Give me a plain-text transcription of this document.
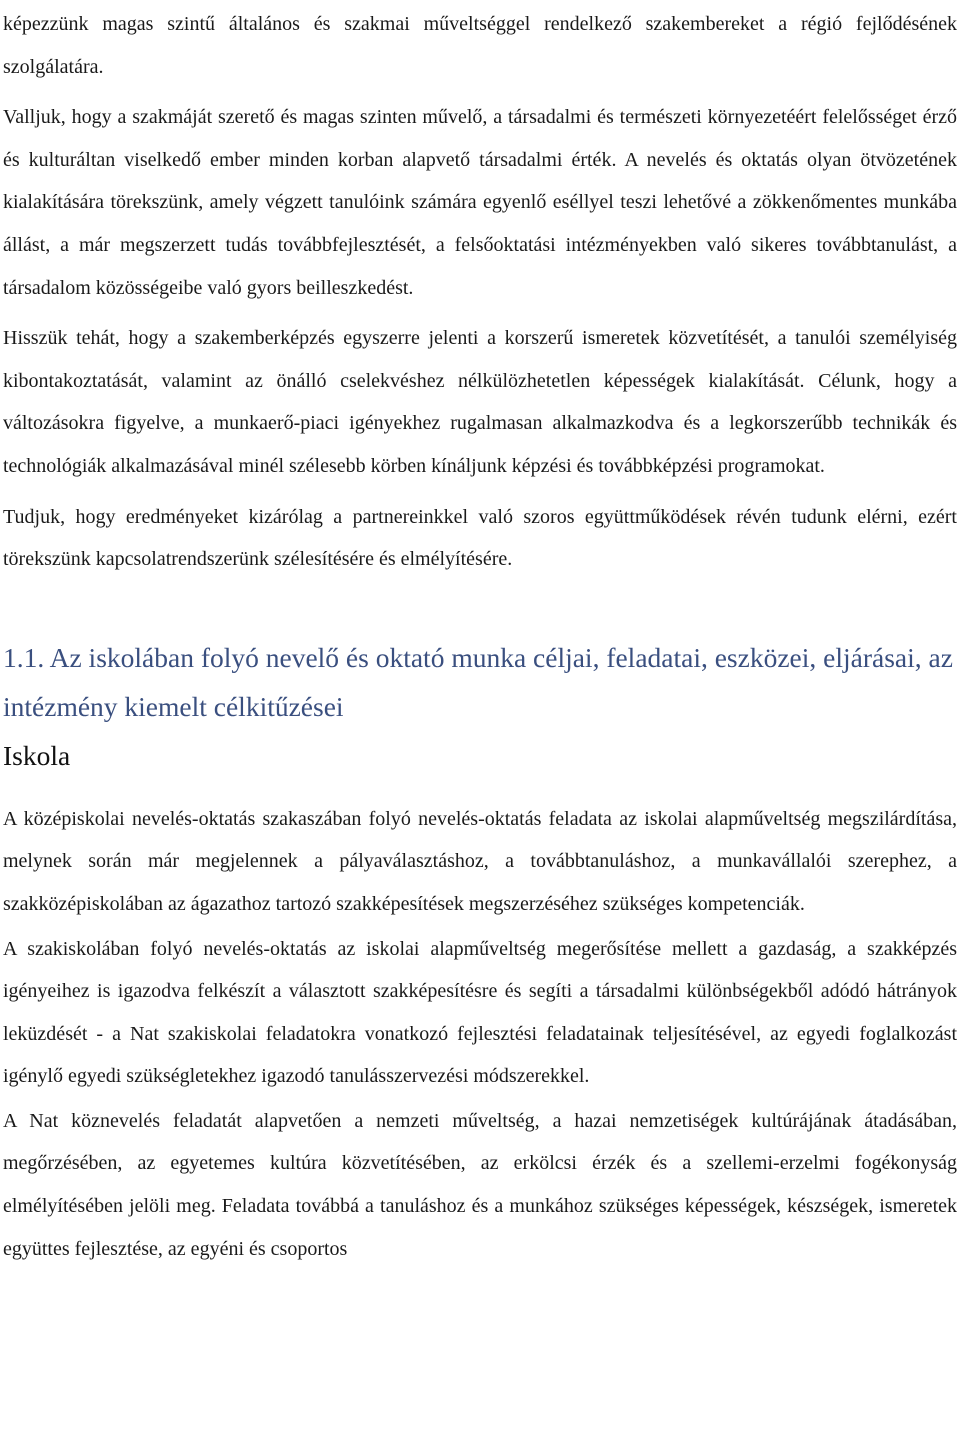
képezzünk magas szintű általános és szakmai műveltséggel rendelkező szakembereket a régió fejlődésének szolgálatára.

Valljuk, hogy a szakmáját szerető és magas szinten művelő, a társadalmi és természeti környezetéért felelősséget érző és kulturáltan viselkedő ember minden korban alapvető társadalmi érték. A nevelés és oktatás olyan ötvözetének kialakítására törekszünk, amely végzett tanulóink számára egyenlő eséllyel teszi lehetővé a zökkenőmentes munkába állást, a már megszerzett tudás továbbfejlesztését, a felsőoktatási intézményekben való sikeres továbbtanulást, a társadalom közösségeibe való gyors beilleszkedést.

Hisszük tehát, hogy a szakemberképzés egyszerre jelenti a korszerű ismeretek közvetítését, a tanulói személyiség kibontakoztatását, valamint az önálló cselekvéshez nélkülözhetetlen képességek kialakítását. Célunk, hogy a változásokra figyelve, a munkaerő-piaci igényekhez rugalmasan alkalmazkodva és a legkorszerűbb technikák és technológiák alkalmazásával minél szélesebb körben kínáljunk képzési és továbbképzési programokat.

Tudjuk, hogy eredményeket kizárólag a partnereinkkel való szoros együttműködések révén tudunk elérni, ezért törekszünk kapcsolatrendszerünk szélesítésére és elmélyítésére.

1.1. Az iskolában folyó nevelő és oktató munka céljai, feladatai, eszközei, eljárásai, az intézmény kiemelt célkitűzései
Iskola

A középiskolai nevelés-oktatás szakaszában folyó nevelés-oktatás feladata az iskolai alapműveltség megszilárdítása, melynek során már megjelennek a pályaválasztáshoz, a továbbtanuláshoz, a munkavállalói szerephez, a szakközépiskolában az ágazathoz tartozó szakképesítések megszerzéséhez szükséges kompetenciák.

A szakiskolában folyó nevelés-oktatás az iskolai alapműveltség megerősítése mellett a gazdaság, a szakképzés igényeihez is igazodva felkészít a választott szakképesítésre és segíti a társadalmi különbségekből adódó hátrányok leküzdését - a Nat szakiskolai feladatokra vonatkozó fejlesztési feladatainak teljesítésével, az egyedi foglalkozást igénylő egyedi szükségletekhez igazodó tanulásszervezési módszerekkel.

A Nat köznevelés feladatát alapvetően a nemzeti műveltség, a hazai nemzetiségek kultúrájának átadásában, megőrzésében, az egyetemes kultúra közvetítésében, az erkölcsi érzék és a szellemi-erzelmi fogékonyság elmélyítésében jelöli meg. Feladata továbbá a tanuláshoz és a munkához szükséges képességek, készségek, ismeretek együttes fejlesztése, az egyéni és csoportos
